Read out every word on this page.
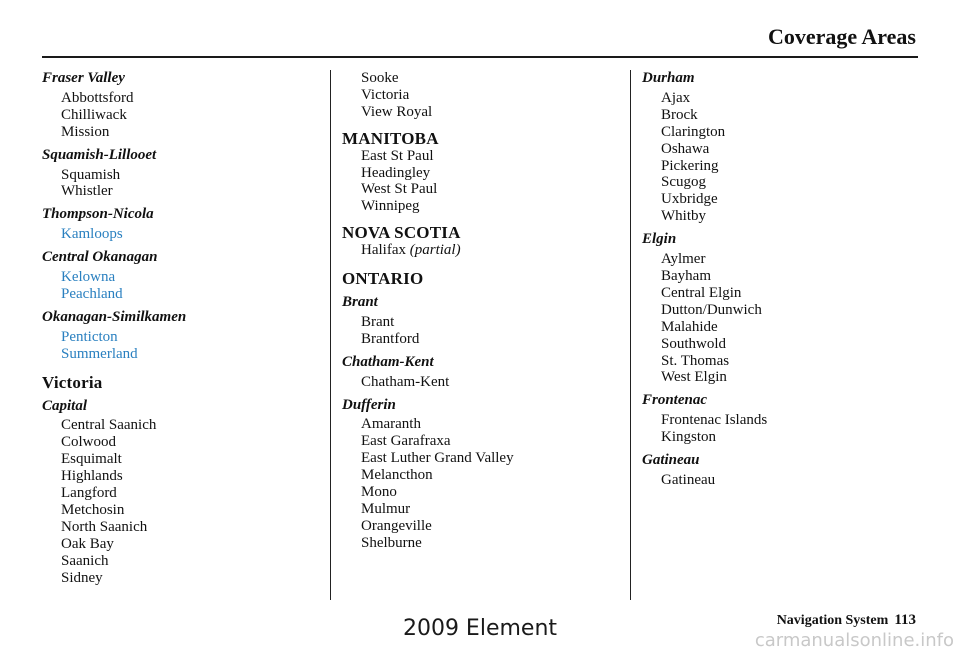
Coverage Areas
Fraser Valley
Abbottsford
Chilliwack
Mission
Squamish-Lillooet
Squamish
Whistler
Thompson-Nicola
Kamloops
Central Okanagan
Kelowna
Peachland
Okanagan-Similkamen
Penticton
Summerland
Victoria
Capital
Central Saanich
Colwood
Esquimalt
Highlands
Langford
Metchosin
North Saanich
Oak Bay
Saanich
Sidney
Sooke
Victoria
View Royal
MANITOBA
East St Paul
Headingley
West St Paul
Winnipeg
NOVA SCOTIA
Halifax (partial)
ONTARIO
Brant
Brant
Brantford
Chatham-Kent
Chatham-Kent
Dufferin
Amaranth
East Garafraxa
East Luther Grand Valley
Melancthon
Mono
Mulmur
Orangeville
Shelburne
Durham
Ajax
Brock
Clarington
Oshawa
Pickering
Scugog
Uxbridge
Whitby
Elgin
Aylmer
Bayham
Central Elgin
Dutton/Dunwich
Malahide
Southwold
St. Thomas
West Elgin
Frontenac
Frontenac Islands
Kingston
Gatineau
Gatineau
Navigation System 113
2009 Element	carmanualsonline.info
